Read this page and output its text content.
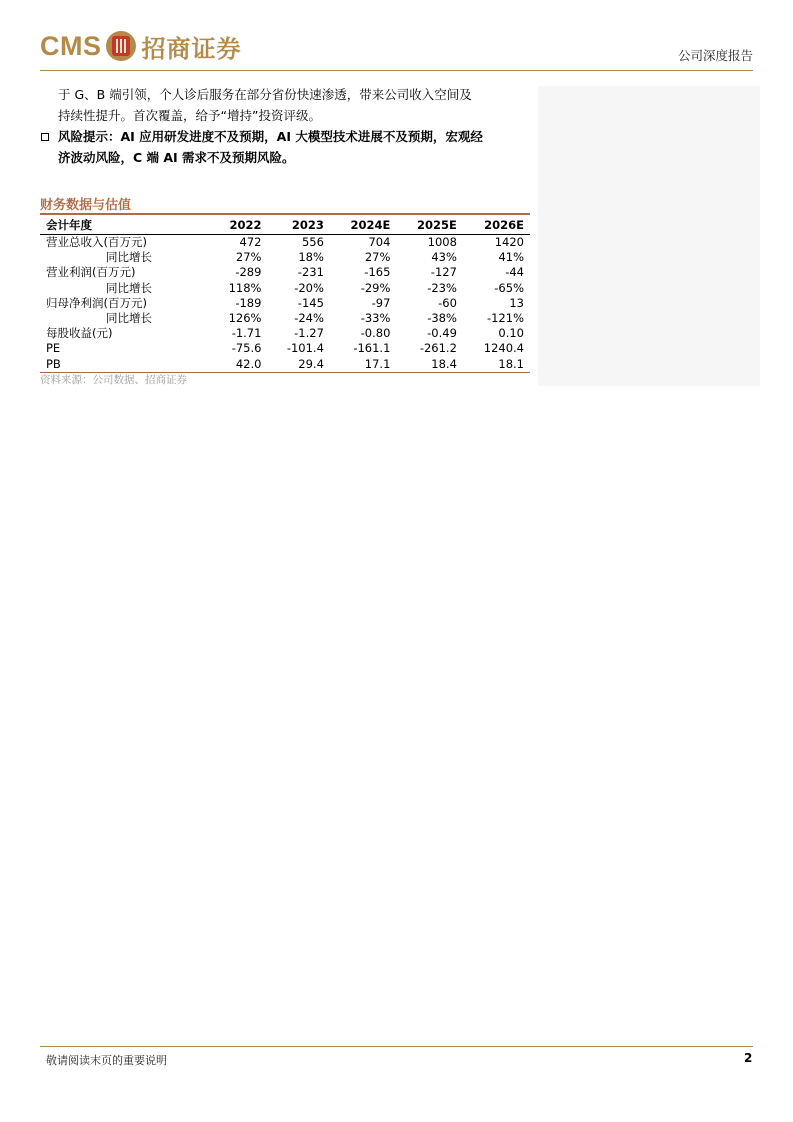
CMS 招商证券	公司深度报告

于 G、B 端引领，个人诊后服务在部分省份快速渗透，带来公司收入空间及
持续性提升。首次覆盖，给予“增持”投资评级。

风险提示：AI 应用研发进度不及预期，AI 大模型技术进展不及预期，宏观经
济波动风险，C 端 AI 需求不及预期风险。

财务数据与估值
会计年度	2022	2023	2024E	2025E	2026E
营业总收入(百万元)	472	556	704	1008	1420
同比增长	27%	18%	27%	43%	41%
营业利润(百万元)	-289	-231	-165	-127	-44
同比增长	118%	-20%	-29%	-23%	-65%
归母净利润(百万元)	-189	-145	-97	-60	13
同比增长	126%	-24%	-33%	-38%	-121%
每股收益(元)	-1.71	-1.27	-0.80	-0.49	0.10
PE	-75.6	-101.4	-161.1	-261.2	1240.4
PB	42.0	29.4	17.1	18.4	18.1
资料来源：公司数据、招商证券
敬请阅读末页的重要说明	2
